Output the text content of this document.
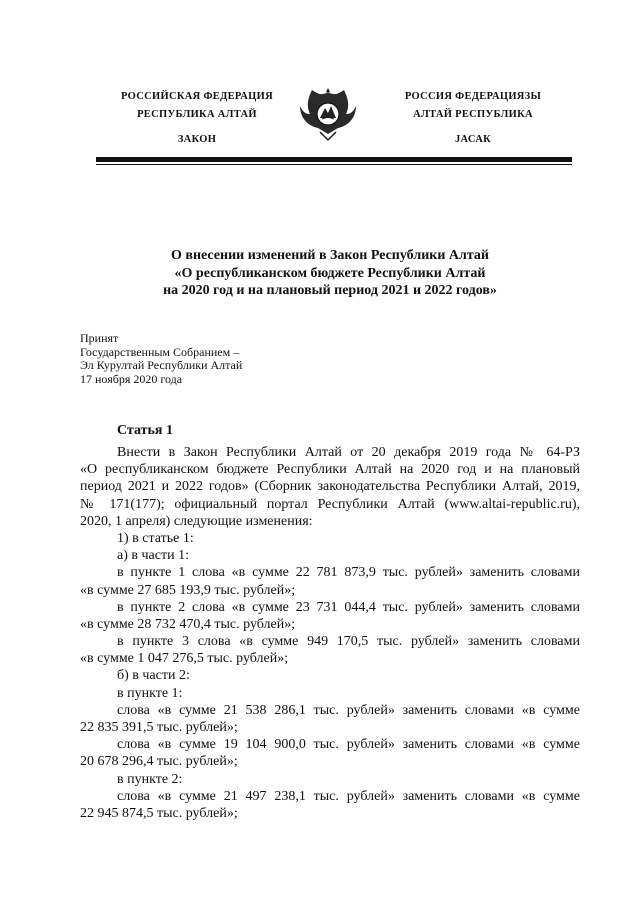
РОССИЙСКАЯ ФЕДЕРАЦИЯ
РЕСПУБЛИКА АЛТАЙ
ЗАКОН
РОССИЯ ФЕДЕРАЦИЯЗЫ
АЛТАЙ РЕСПУБЛИКА
JАСАК
О внесении изменений в Закон Республики Алтай
«О республиканском бюджете Республики Алтай
на 2020 год и на плановый период 2021 и 2022 годов»
Принят
Государственным Собранием –
Эл Курултай Республики Алтай
17 ноября 2020 года
Статья 1
Внести в Закон Республики Алтай от 20 декабря 2019 года № 64-РЗ
«О республиканском бюджете Республики Алтай на 2020 год и на плановый
период 2021 и 2022 годов» (Сборник законодательства Республики Алтай, 2019,
№ 171(177); официальный портал Республики Алтай (www.altai-republic.ru),
2020, 1 апреля) следующие изменения:
1) в статье 1:
а) в части 1:
в пункте 1 слова «в сумме 22 781 873,9 тыс. рублей» заменить словами
«в сумме 27 685 193,9 тыс. рублей»;
в пункте 2 слова «в сумме 23 731 044,4 тыс. рублей» заменить словами
«в сумме 28 732 470,4 тыс. рублей»;
в пункте 3 слова «в сумме 949 170,5 тыс. рублей» заменить словами
«в сумме 1 047 276,5 тыс. рублей»;
б) в части 2:
в пункте 1:
слова «в сумме 21 538 286,1 тыс. рублей» заменить словами «в сумме
22 835 391,5 тыс. рублей»;
слова «в сумме 19 104 900,0 тыс. рублей» заменить словами «в сумме
20 678 296,4 тыс. рублей»;
в пункте 2:
слова «в сумме 21 497 238,1 тыс. рублей» заменить словами «в сумме
22 945 874,5 тыс. рублей»;
